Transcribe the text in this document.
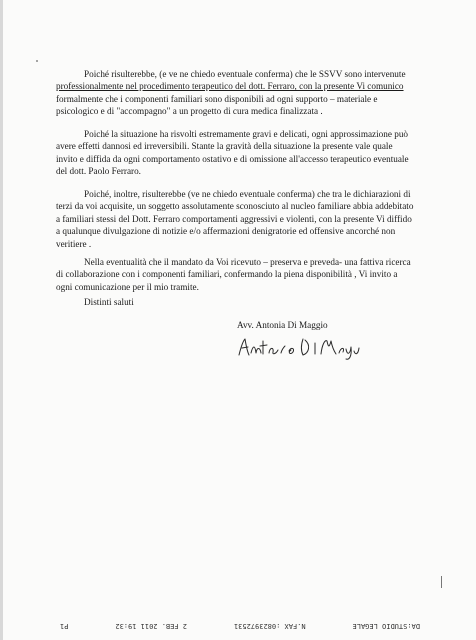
Poiché risulterebbe, (e ve ne chiedo eventuale conferma) che le SSVV sono intervenute
professionalmente nel procedimento terapeutico del dott. Ferraro, con la presente Vi comunico
formalmente che i componenti familiari sono disponibili ad ogni supporto – materiale e
psicologico e di "accompagno" a un progetto di cura medica finalizzata .
Poiché la situazione ha risvolti estremamente gravi e delicati, ogni approssimazione può
avere effetti dannosi ed irreversibili. Stante la gravità della situazione la presente vale quale
invito e diffida da ogni comportamento ostativo e di omissione all'accesso terapeutico eventuale
del dott. Paolo Ferraro.
Poiché, inoltre, risulterebbe (ve ne chiedo eventuale conferma) che tra le dichiarazioni di
terzi da voi acquisite, un soggetto assolutamente sconosciuto al nucleo familiare abbia addebitato
a familiari stessi del Dott. Ferraro comportamenti aggressivi e violenti, con la presente Vi diffido
a qualunque divulgazione di notizie e/o affermazioni denigratorie ed offensive ancorché non
veritiere .
Nella eventualità che il mandato da Voi ricevuto – preserva e preveda- una fattiva ricerca
di collaborazione con i componenti familiari, confermando la piena disponibilità , Vi invito a
ogni comunicazione per il mio tramite.
Distinti saluti
Avv. Antonia Di Maggio
DA:STUDIO LEGALE
N.FAX :0823972531
2 FEB. 2011 19:32
P1
